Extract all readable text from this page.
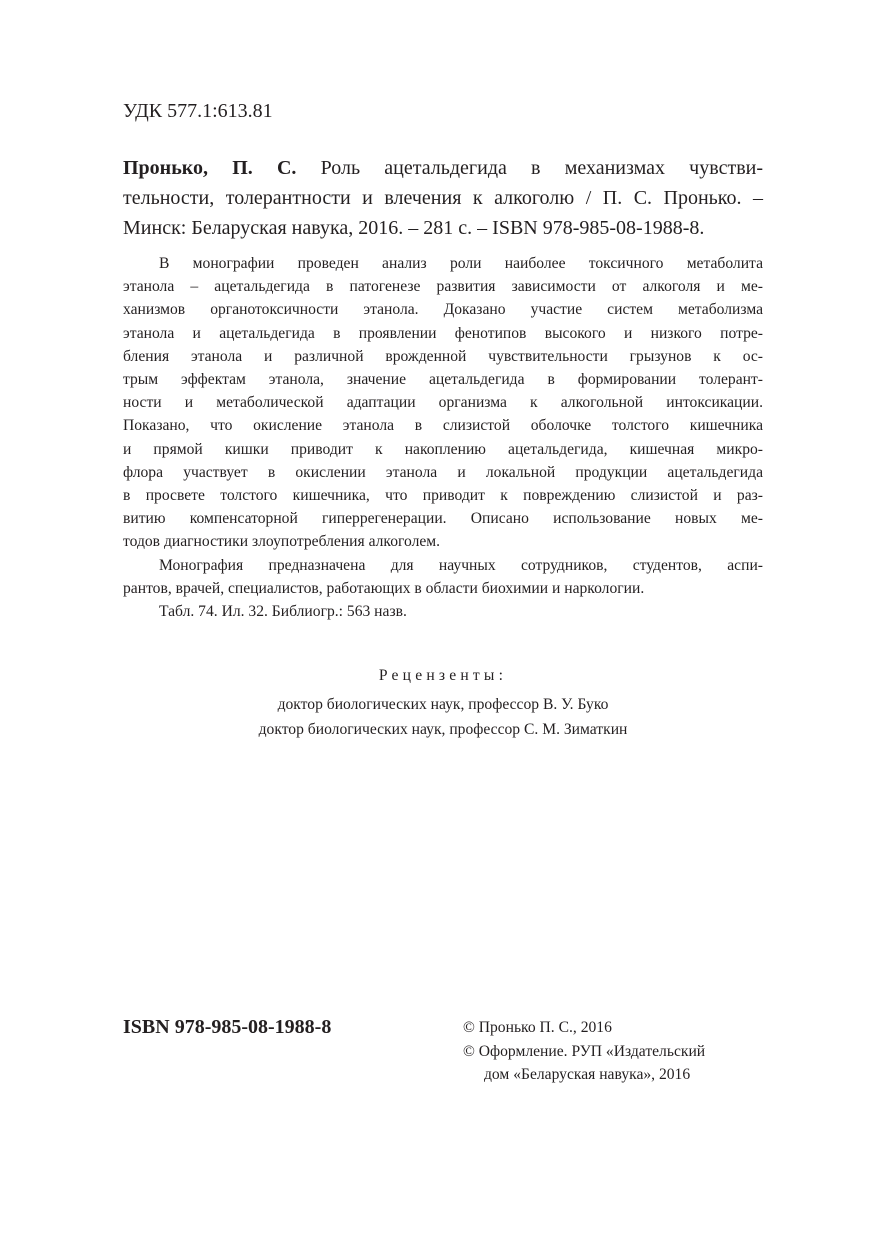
УДК 577.1:613.81
Пронько, П. С. Роль ацетальдегида в механизмах чувстви-
тельности, толерантности и влечения к алкоголю / П. С. Пронько. –
Минск: Беларуская навука, 2016. – 281 с. – ISBN 978-985-08-1988-8.
В монографии проведен анализ роли наиболее токсичного метаболита
этанола – ацетальдегида в патогенезе развития зависимости от алкоголя и ме-
ханизмов органотоксичности этанола. Доказано участие систем метаболизма
этанола и ацетальдегида в проявлении фенотипов высокого и низкого потре-
бления этанола и различной врожденной чувствительности грызунов к ос-
трым эффектам этанола, значение ацетальдегида в формировании толерант-
ности и метаболической адаптации организма к алкогольной интоксикации.
Показано, что окисление этанола в слизистой оболочке толстого кишечника
и прямой кишки приводит к накоплению ацетальдегида, кишечная микро-
флора участвует в окислении этанола и локальной продукции ацетальдегида
в просвете толстого кишечника, что приводит к повреждению слизистой и раз-
витию компенсаторной гиперрегенерации. Описано использование новых ме-
тодов диагностики злоупотребления алкоголем.
Монография предназначена для научных сотрудников, студентов, аспи-
рантов, врачей, специалистов, работающих в области биохимии и наркологии.
Табл. 74. Ил. 32. Библиогр.: 563 назв.
Рецензенты:
доктор биологических наук, профессор В. У. Буко
доктор биологических наук, профессор С. М. Зиматкин
ISBN 978-985-08-1988-8	© Пронько П. С., 2016
© Оформление. РУП «Издательский
дом «Беларуская навука», 2016
